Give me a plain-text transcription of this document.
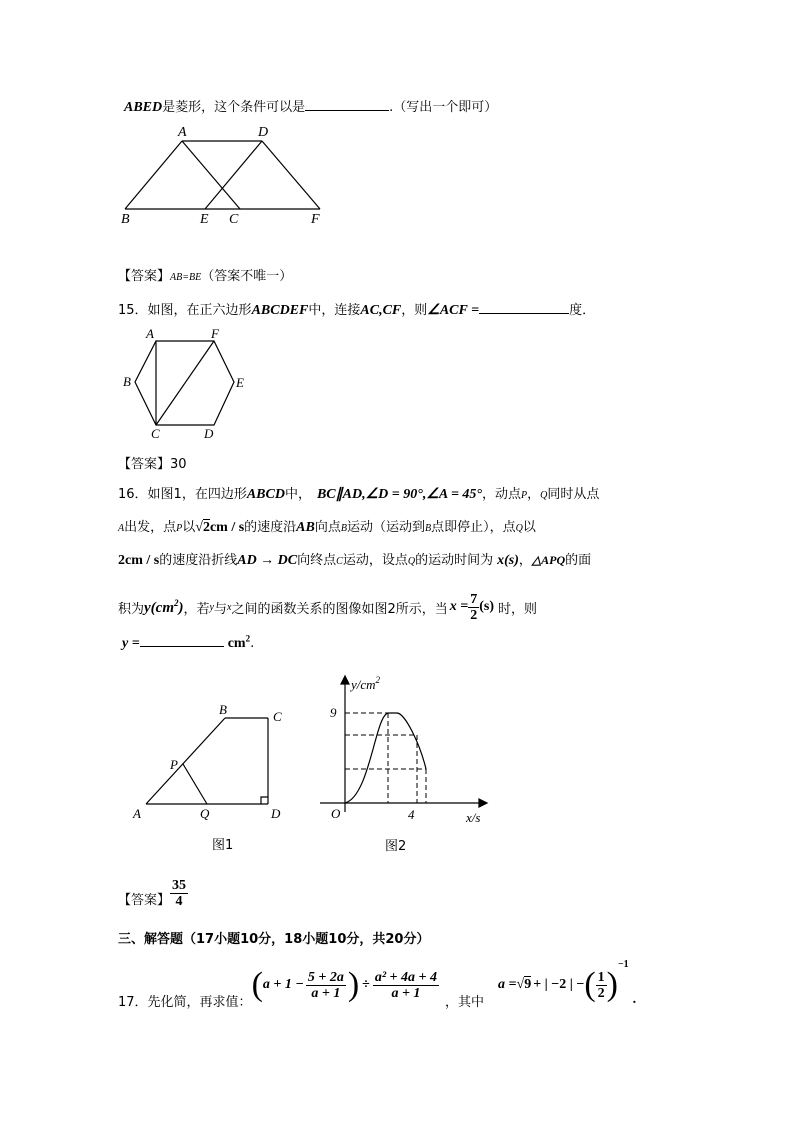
ABED是菱形，这个条件可以是	.（写出一个即可）
A	D
B	E C	F
【答案】AB=BE（答案不唯一）
15．如图，在正六边形ABCDEF中，连接AC,CF，则∠ACF =	度．
A	F
B	E
C	D
【答案】30
16．如图1，在四边形ABCD中， BC∥AD,∠D = 90°,∠A = 45°，动点P，Q同时从点
A出发，点P以√2cm / s的速度沿AB向点B运动（运动到B点即停止），点Q以
2cm / s的速度沿折线AD → DC向终点C运动，设点Q的运动时间为 x(s)，△APQ的面
积为 $y(cm^2)$ ，若 y 与 x 之间的函数关系的图像如图2所示，当 $x = \frac{7}{2} (s)$ 时，则
y =	$cm^2$.
B	C
P
A	Q	D
图1
$y/cm^2$
9
O	4	x/s
图2
【答案】 $\frac{35}{4}$
三、解答题（17小题10分，18小题10分，共20分）
17． 先化简，再求值： ( $a + 1 - \frac{5 + 2a}{a + 1}$ ) ÷ $\frac{\text{a² + 4a + 4}}{a + 1}$
，其中
a = √9 + | −2 | − ( $\frac{1}{2}$ )
−1
.
